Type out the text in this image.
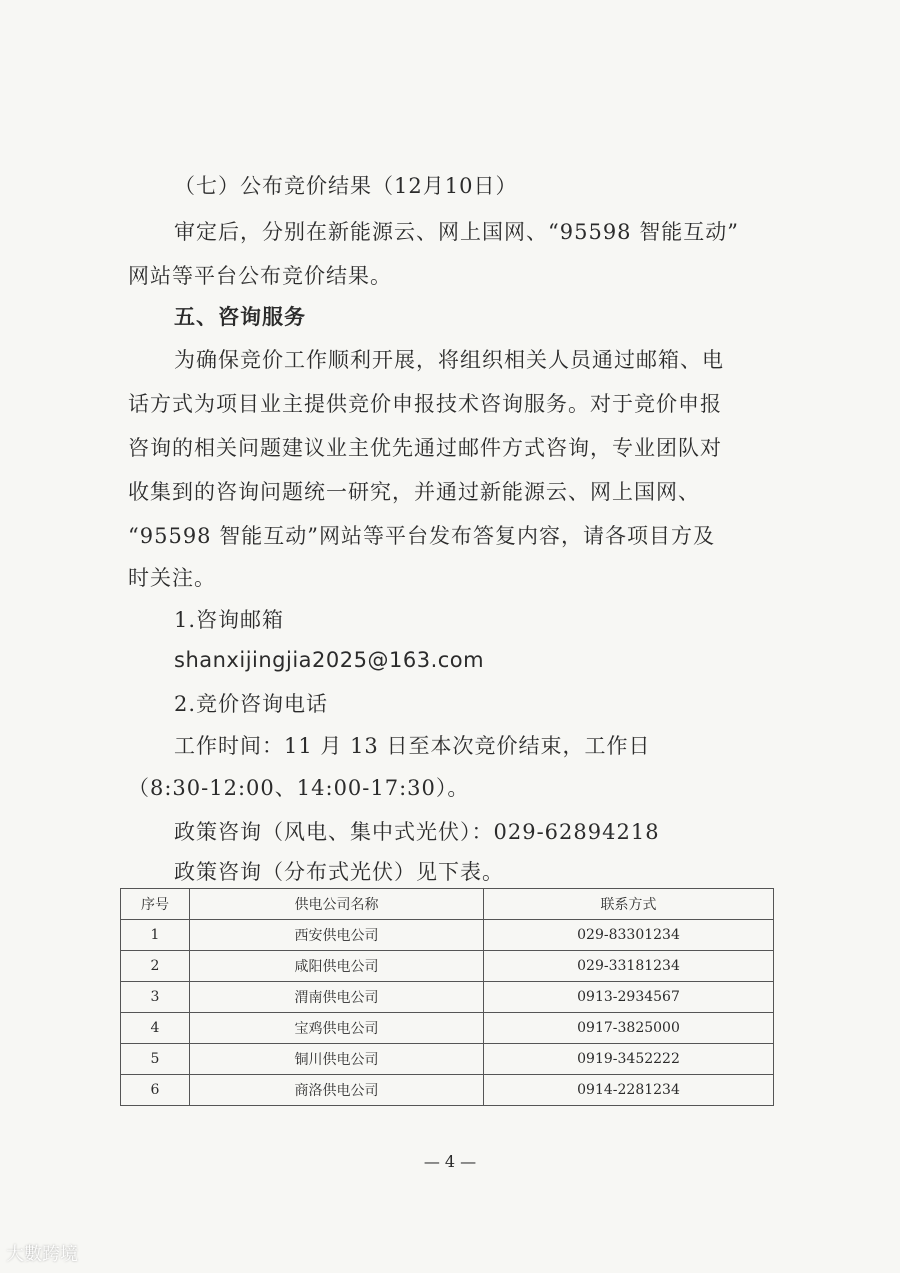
（七）公布竞价结果（12月10日）
审定后，分别在新能源云、网上国网、“95598 智能互动”
网站等平台公布竞价结果。
五、咨询服务
为确保竞价工作顺利开展，将组织相关人员通过邮箱、电
话方式为项目业主提供竞价申报技术咨询服务。对于竞价申报
咨询的相关问题建议业主优先通过邮件方式咨询，专业团队对
收集到的咨询问题统一研究，并通过新能源云、网上国网、
“95598 智能互动”网站等平台发布答复内容，请各项目方及
时关注。
1.咨询邮箱
shanxijingjia2025@163.com
2.竞价咨询电话
工作时间：11 月 13 日至本次竞价结束，工作日
（8:30-12:00、14:00-17:30）。
政策咨询（风电、集中式光伏）：029-62894218
政策咨询（分布式光伏）见下表。
序号	供电公司名称	联系方式
1	西安供电公司	029-83301234
2	咸阳供电公司	029-33181234
3	渭南供电公司	0913-2934567
4	宝鸡供电公司	0917-3825000
5	铜川供电公司	0919-3452222
6	商洛供电公司	0914-2281234
— 4 —
大數跨境
